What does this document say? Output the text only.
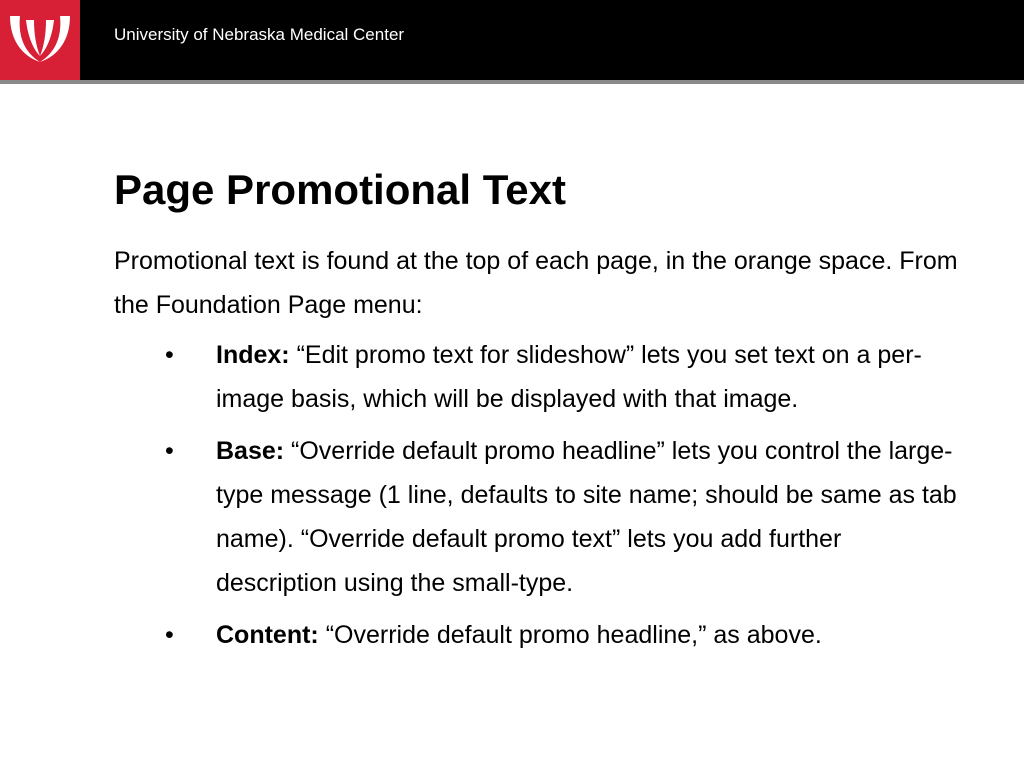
University of Nebraska Medical Center
Page Promotional Text

Promotional text is found at the top of each page, in the orange space. From the Foundation Page menu:

• Index: “Edit promo text for slideshow” lets you set text on a per-image basis, which will be displayed with that image.
• Base: “Override default promo headline” lets you control the large-type message (1 line, defaults to site name; should be same as tab name). “Override default promo text” lets you add further description using the small-type.
• Content: “Override default promo headline,” as above.
